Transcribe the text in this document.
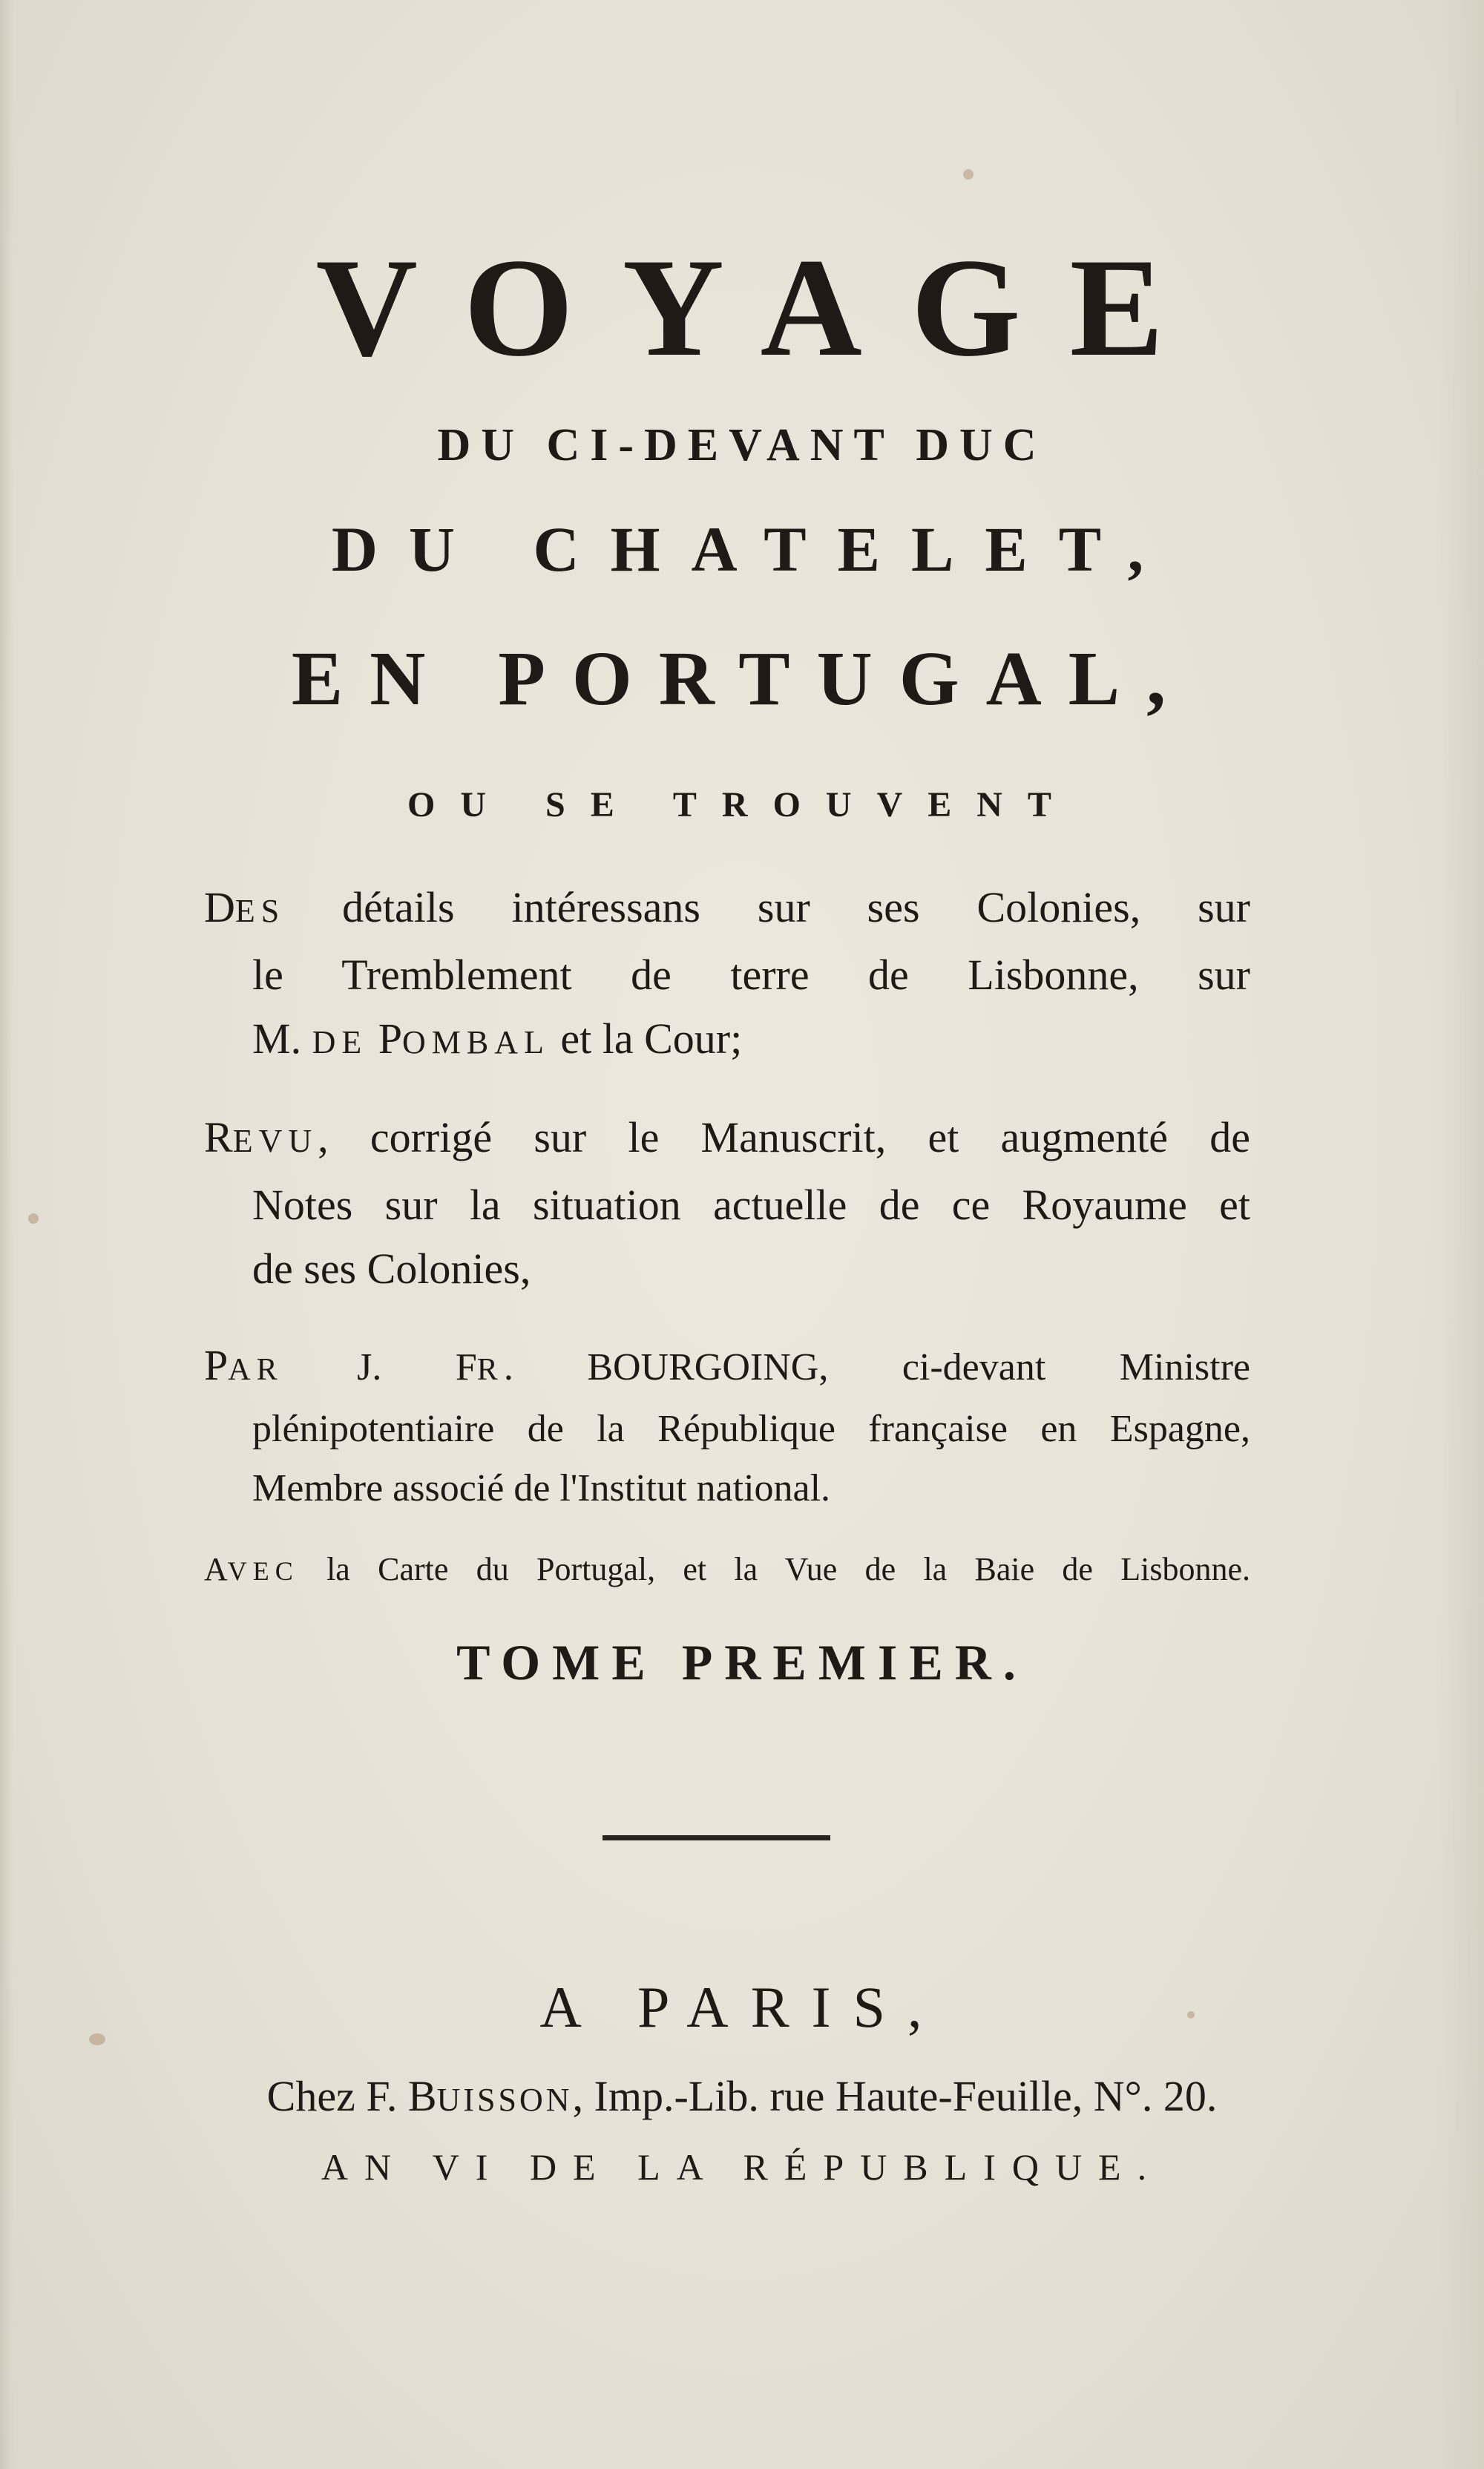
VOYAGE
DU CI-DEVANT DUC
DU CHATELET,
EN PORTUGAL,
OU SE TROUVENT
DES détails intéressans sur ses Colonies, sur
le Tremblement de terre de Lisbonne, sur
M. DE POMBAL et la Cour;
REVU, corrigé sur le Manuscrit, et augmenté de
Notes sur la situation actuelle de ce Royaume et
de ses Colonies,
PAR J. FR. BOURGOING, ci-devant Ministre
plénipotentiaire de la République française en Espagne,
Membre associé de l'Institut national.
AVEC la Carte du Portugal, et la Vue de la Baie de Lisbonne.
TOME PREMIER.
A PARIS,
Chez F. BUISSON, Imp.-Lib. rue Haute-Feuille, N°. 20.
AN VI DE LA RÉPUBLIQUE.
